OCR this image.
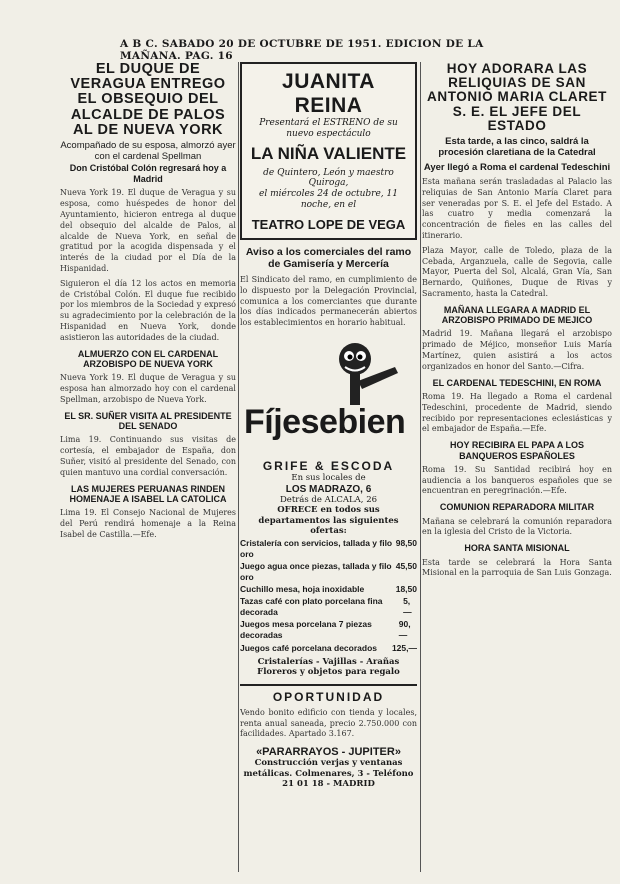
A B C. SABADO 20 DE OCTUBRE DE 1951. EDICION DE LA MAÑANA. PAG. 16
EL DUQUE DE VERAGUA ENTREGO EL OBSEQUIO DEL ALCALDE DE PALOS AL DE NUEVA YORK
Acompañado de su esposa, almorzó ayer con el cardenal Spellman
Don Cristóbal Colón regresará hoy a Madrid
Nueva York 19. El duque de Veragua y su esposa, como huéspedes de honor del Ayuntamiento, hicieron entrega al duque del obsequio del alcalde de Palos, al alcalde de Nueva York, en señal de gratitud por la acogida dispensada y el interés de la ciudad por el Día de la Hispanidad.
Siguieron el día 12 los actos en memoria de Cristóbal Colón. El duque fue recibido por los miembros de la Sociedad y expresó su agradecimiento por la celebración de la Hispanidad en Nueva York, donde asistieron las autoridades de la ciudad.
ALMUERZO CON EL CARDENAL ARZOBISPO DE NUEVA YORK
Nueva York 19. El duque de Veragua y su esposa han almorzado hoy con el cardenal Spellman, arzobispo de Nueva York.
EL SR. SUÑER VISITA AL PRESIDENTE DEL SENADO
Lima 19. Continuando sus visitas de cortesía, el embajador de España, don Suñer, visitó al presidente del Senado, con quien mantuvo una cordial conversación.
LAS MUJERES PERUANAS RINDEN HOMENAJE A ISABEL LA CATOLICA
Lima 19. El Consejo Nacional de Mujeres del Perú rendirá homenaje a la Reina Isabel de Castilla.—Efe.
JUANITA REINA
Presentará el ESTRENO de su nuevo espectáculo
LA NIÑA VALIENTE
de Quintero, León y maestro Quiroga,
el miércoles 24 de octubre, 11 noche, en el
TEATRO LOPE DE VEGA
Aviso a los comerciales del ramo de Gamisería y Mercería
El Sindicato del ramo, en cumplimiento de lo dispuesto por la Delegación Provincial, comunica a los comerciantes que durante los días indicados permanecerán abiertos los establecimientos en horario habitual.
Fíjesebien
GRIFE & ESCODA
En sus locales de
LOS MADRAZO, 6
Detrás de ALCALA, 26
OFRECE en todos sus departamentos las siguientes ofertas:
Cristalería con servicios, tallada y filo oro
98,50
Juego agua once piezas, tallada y filo oro
45,50
Cuchillo mesa, hoja inoxidable	18,50
Tazas café con plato porcelana fina decorada
5,—
Juegos mesa porcelana 7 piezas decoradas
90,—
Juegos café porcelana decorados 125,—
Cristalerías - Vajillas - Arañas Floreros y objetos para regalo
OPORTUNIDAD
Vendo bonito edificio con tienda y locales, renta anual saneada, precio 2.750.000 con facilidades. Apartado 3.167.
«PARARRAYOS - JUPITER»
Construcción verjas y ventanas metálicas. Colmenares, 3 - Teléfono 21 01 18 - MADRID
HOY ADORARA LAS RELIQUIAS DE SAN ANTONIO MARIA CLARET S. E. EL JEFE DEL ESTADO
Esta tarde, a las cinco, saldrá la procesión claretiana de la Catedral
Ayer llegó a Roma el cardenal Tedeschini
Esta mañana serán trasladadas al Palacio las reliquias de San Antonio María Claret para ser veneradas por S. E. el Jefe del Estado. A las cuatro y media comenzará la concentración de fieles en las calles del itinerario.
Plaza Mayor, calle de Toledo, plaza de la Cebada, Arganzuela, calle de Segovia, calle Mayor, Puerta del Sol, Alcalá, Gran Vía, San Bernardo, Quiñones, Duque de Rivas y Sacramento, hasta la Catedral.
MAÑANA LLEGARA A MADRID EL ARZOBISPO PRIMADO DE MEJICO
Madrid 19. Mañana llegará el arzobispo primado de Méjico, monseñor Luis María Martínez, quien asistirá a los actos organizados en honor del Santo.—Cifra.
EL CARDENAL TEDESCHINI, EN ROMA
Roma 19. Ha llegado a Roma el cardenal Tedeschini, procedente de Madrid, siendo recibido por representaciones eclesiásticas y el embajador de España.—Efe.
HOY RECIBIRA EL PAPA A LOS BANQUEROS ESPAÑOLES
Roma 19. Su Santidad recibirá hoy en audiencia a los banqueros españoles que se encuentran en peregrinación.—Efe.
COMUNION REPARADORA MILITAR
Mañana se celebrará la comunión reparadora en la iglesia del Cristo de la Victoria.
HORA SANTA MISIONAL
Esta tarde se celebrará la Hora Santa Misional en la parroquia de San Luis Gonzaga.
